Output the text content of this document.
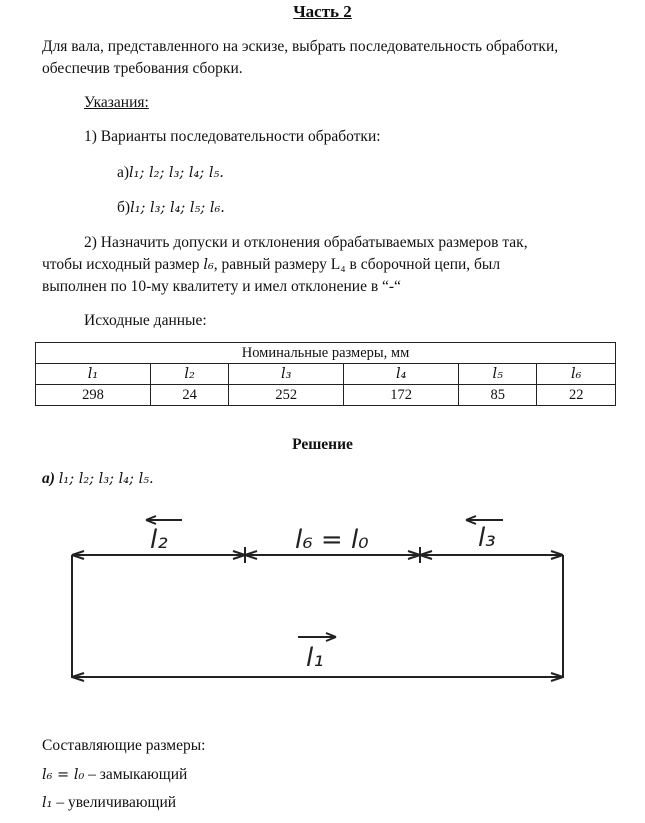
Часть 2
Для вала, представленного на эскизе, выбрать последовательность обработки,
обеспечив требования сборки.
Указания:
1) Варианты последовательности обработки:
а)l₁; l₂; l₃; l₄; l₅.
б)l₁; l₃; l₄; l₅; l₆.
2) Назначить допуски и отклонения обрабатываемых размеров так,
чтобы исходный размер l₆, равный размеру L₄ в сборочной цепи, был
выполнен по 10-му квалитету и имел отклонение в “-“
Исходные данные:
Номинальные размеры, мм					
l₁	l₂	l₃	l₄	l₅	l₆
298	24	252	172	85	22
Решение
а) l₁; l₂; l₃; l₄; l₅.
l₂	l₆ = l₀	l₃
l₁
Составляющие размеры:
l₆ = l₀ – замыкающий
l₁ – увеличивающий
